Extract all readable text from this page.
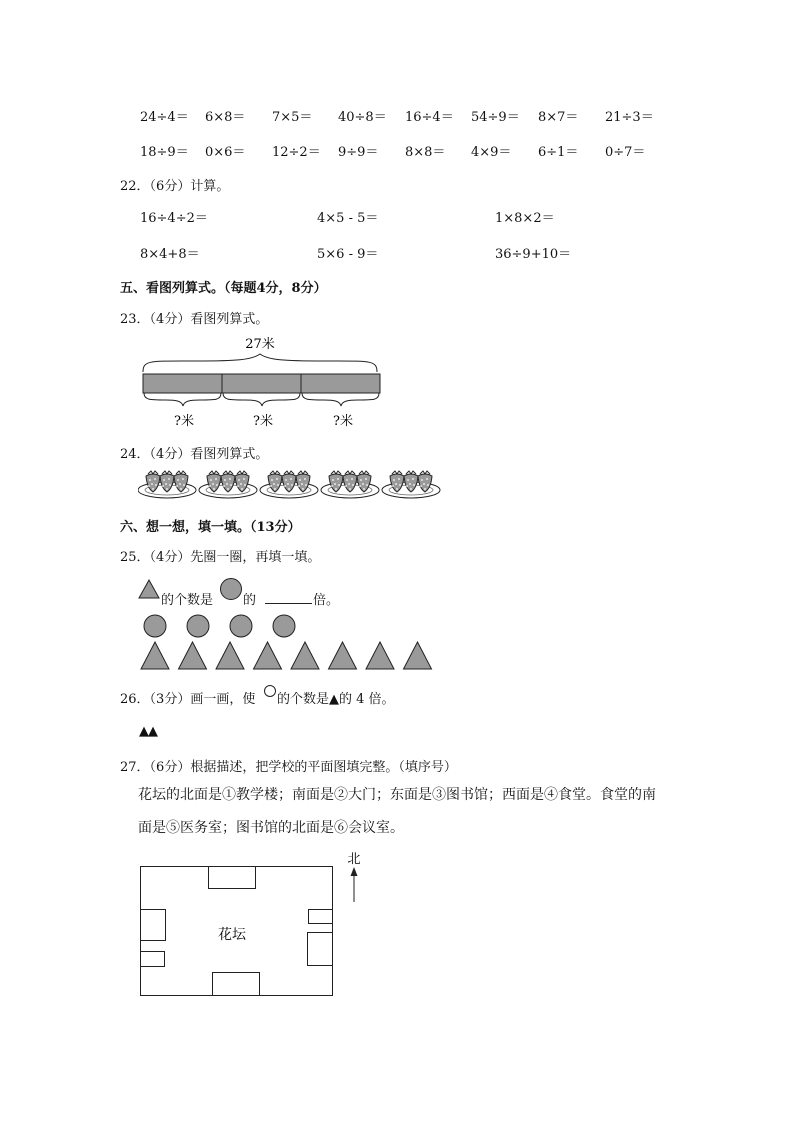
24÷4＝ 6×8＝ 7×5＝ 40÷8＝ 16÷4＝ 54÷9＝ 8×7＝ 21÷3＝
18÷9＝ 0×6＝ 12÷2＝ 9÷9＝ 8×8＝ 4×9＝ 6÷1＝ 0÷7＝
22．（6分）计算。
16÷4÷2＝	4×5 - 5＝	1×8×2＝
8×4+8＝	5×6 - 9＝	36÷9+10＝
五、看图列算式。（每题4分，8分）
23．（4分）看图列算式。
27米
?米	?米	?米
24．（4分）看图列算式。
六、想一想，填一填。（13分）
25．（4分）先圈一圈，再填一填。
的个数是 的	倍。
26．（3分）画一画，使 的个数是▲的 4 倍。
▲▲
27．（6分）根据描述，把学校的平面图填完整。（填序号）
花坛的北面是①教学楼；南面是②大门；东面是③图书馆；西面是④食堂。食堂的南
面是⑤医务室；图书馆的北面是⑥会议室。
花坛
北
